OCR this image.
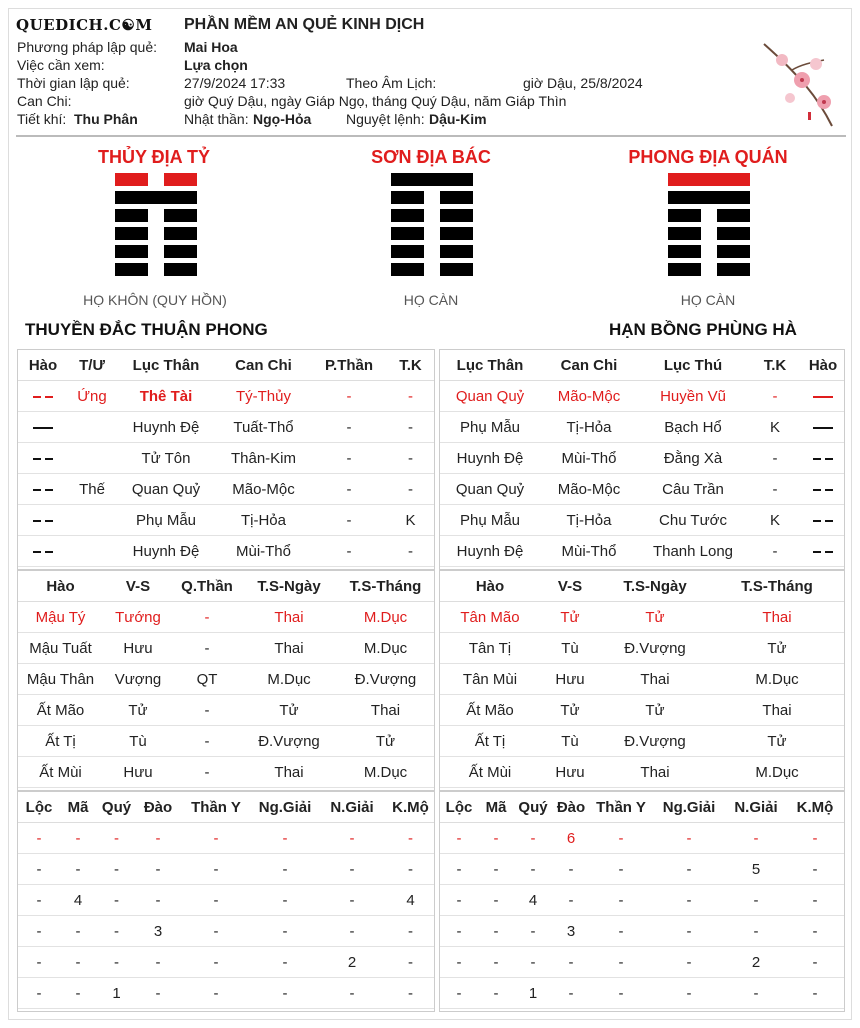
QUEDICH.C☯M PHẦN MỀM AN QUẺ KINH DỊCH
Phương pháp lập quẻ: Mai Hoa
Việc cần xem:	Lựa chọn
Thời gian lập quẻ:	27/9/2024 17:33	Theo Âm Lịch:	giờ Dậu, 25/8/2024
Can Chi:	giờ Quý Dậu, ngày Giáp Ngọ, tháng Quý Dậu, năm Giáp Thìn
Tiết khí: Thu Phân	Nhật thần: Ngọ-Hỏa Nguyệt lệnh: Dậu-Kim
THỦY ĐỊA TỶ
HỌ KHÔN (QUY HỒN)
SƠN ĐỊA BÁC
HỌ CÀN
PHONG ĐỊA QUÁN
HỌ CÀN
THUYỀN ĐẮC THUẬN PHONG	HẠN BỒNG PHÙNG HÀ
Hào	T/Ư	Lục Thân	Can Chi	P.Thần	T.K
	Ứng	Thê Tài	Tý-Thủy	-	-
		Huynh Đệ	Tuất-Thổ	-	-
		Tử Tôn	Thân-Kim	-	-
	Thế	Quan Quỷ	Mão-Mộc	-	-
		Phụ Mẫu	Tị-Hỏa	-	K
		Huynh Đệ	Mùi-Thổ	-	-
Lục Thân	Can Chi	Lục Thú	T.K	Hào
Quan Quỷ	Mão-Mộc	Huyền Vũ	-	
Phụ Mẫu	Tị-Hỏa	Bạch Hổ	K	
Huynh Đệ	Mùi-Thổ	Đằng Xà	-	
Quan Quỷ	Mão-Mộc	Câu Trần	-	
Phụ Mẫu	Tị-Hỏa	Chu Tước	K	
Huynh Đệ	Mùi-Thổ	Thanh Long	-	
Hào	V-S	Q.Thần	T.S-Ngày	T.S-Tháng
Mậu Tý	Tướng	-	Thai	M.Dục
Mậu Tuất	Hưu	-	Thai	M.Dục
Mậu Thân	Vượng	QT	M.Dục	Đ.Vượng
Ất Mão	Tử	-	Tử	Thai
Ất Tị	Tù	-	Đ.Vượng	Tử
Ất Mùi	Hưu	-	Thai	M.Dục
Hào	V-S	T.S-Ngày	T.S-Tháng
Tân Mão	Tử	Tử	Thai
Tân Tị	Tù	Đ.Vượng	Tử
Tân Mùi	Hưu	Thai	M.Dục
Ất Mão	Tử	Tử	Thai
Ất Tị	Tù	Đ.Vượng	Tử
Ất Mùi	Hưu	Thai	M.Dục
Lộc	Mã	Quý	Đào	Thần Y	Ng.Giải	N.Giải	K.Mộ
-	-	-	-	-	-	-	-
-	-	-	-	-	-	-	-
-	4	-	-	-	-	-	4
-	-	-	3	-	-	-	-
-	-	-	-	-	-	2	-
-	-	1	-	-	-	-	-
Lộc	Mã	Quý	Đào	Thần Y	Ng.Giải	N.Giải	K.Mộ
-	-	-	6	-	-	-	-
-	-	-	-	-	-	5	-
-	-	4	-	-	-	-	-
-	-	-	3	-	-	-	-
-	-	-	-	-	-	2	-
-	-	1	-	-	-	-	-
